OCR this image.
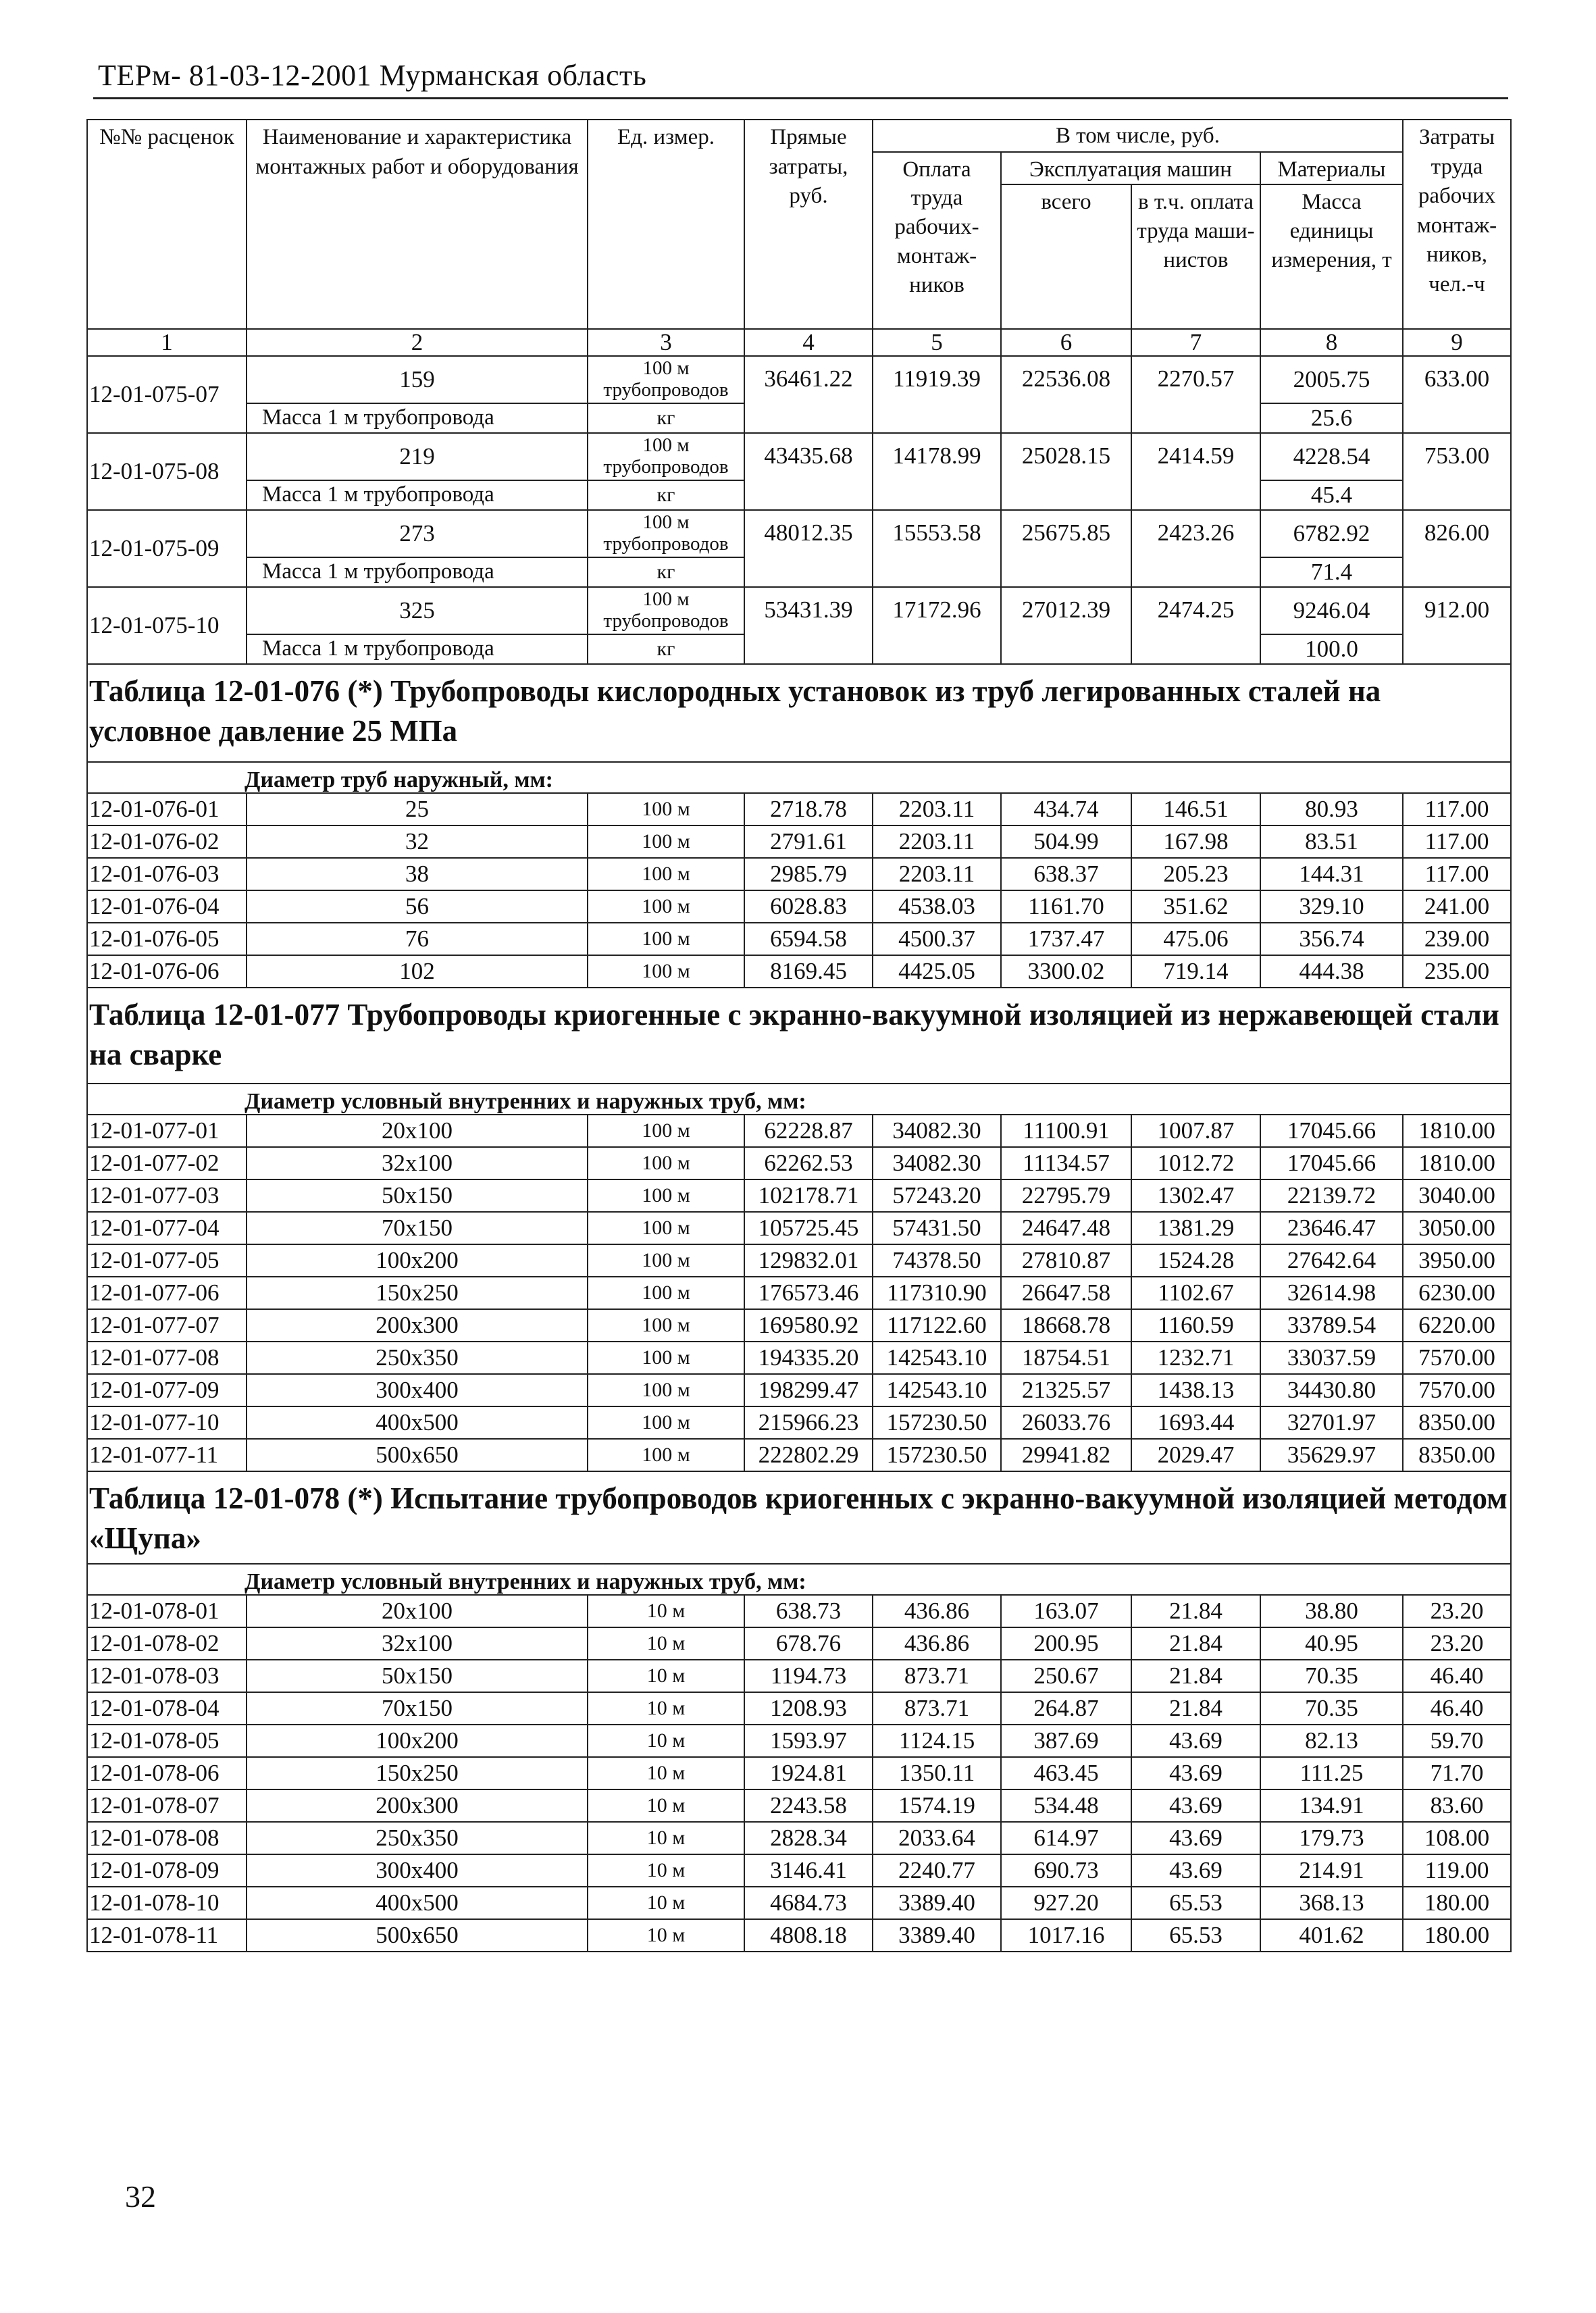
ТЕРм- 81-03-12-2001 Мурманская область
№№ расценок	Наименование и характеристика монтажных работ и оборудования	Ед. измер.	Прямые затраты, руб.	В том числе, руб.				Затраты труда рабочих монтаж-ников, чел.-ч
				Оплата труда рабочих-монтаж-ников	Эксплуатация машин		Материалы	
					всего	в т.ч. оплата труда маши-нистов	Масса единицы измерения, т	
1	2	3	4	5	6	7	8	9
12-01-075-07	159	100 м трубопроводов	36461.22	11919.39	22536.08	2270.57	2005.75	633.00
	Масса 1 м трубопровода	кг					25.6	
12-01-075-08	219	100 м трубопроводов	43435.68	14178.99	25028.15	2414.59	4228.54	753.00
	Масса 1 м трубопровода	кг					45.4	
12-01-075-09	273	100 м трубопроводов	48012.35	15553.58	25675.85	2423.26	6782.92	826.00
	Масса 1 м трубопровода	кг					71.4	
12-01-075-10	325	100 м трубопроводов	53431.39	17172.96	27012.39	2474.25	9246.04	912.00
	Масса 1 м трубопровода	кг					100.0	
Таблица 12-01-076 (*) Трубопроводы кислородных установок из труб легированных сталей на условное давление 25 МПа								
Диаметр труб наружный, мм:								
12-01-076-01	25	100 м	2718.78	2203.11	434.74	146.51	80.93	117.00
12-01-076-02	32	100 м	2791.61	2203.11	504.99	167.98	83.51	117.00
12-01-076-03	38	100 м	2985.79	2203.11	638.37	205.23	144.31	117.00
12-01-076-04	56	100 м	6028.83	4538.03	1161.70	351.62	329.10	241.00
12-01-076-05	76	100 м	6594.58	4500.37	1737.47	475.06	356.74	239.00
12-01-076-06	102	100 м	8169.45	4425.05	3300.02	719.14	444.38	235.00
Таблица 12-01-077 Трубопроводы криогенные с экранно-вакуумной изоляцией из нержавеющей стали на сварке								
Диаметр условный внутренних и наружных труб, мм:								
12-01-077-01	20x100	100 м	62228.87	34082.30	11100.91	1007.87	17045.66	1810.00
12-01-077-02	32x100	100 м	62262.53	34082.30	11134.57	1012.72	17045.66	1810.00
12-01-077-03	50x150	100 м	102178.71	57243.20	22795.79	1302.47	22139.72	3040.00
12-01-077-04	70x150	100 м	105725.45	57431.50	24647.48	1381.29	23646.47	3050.00
12-01-077-05	100x200	100 м	129832.01	74378.50	27810.87	1524.28	27642.64	3950.00
12-01-077-06	150x250	100 м	176573.46	117310.90	26647.58	1102.67	32614.98	6230.00
12-01-077-07	200x300	100 м	169580.92	117122.60	18668.78	1160.59	33789.54	6220.00
12-01-077-08	250x350	100 м	194335.20	142543.10	18754.51	1232.71	33037.59	7570.00
12-01-077-09	300x400	100 м	198299.47	142543.10	21325.57	1438.13	34430.80	7570.00
12-01-077-10	400x500	100 м	215966.23	157230.50	26033.76	1693.44	32701.97	8350.00
12-01-077-11	500x650	100 м	222802.29	157230.50	29941.82	2029.47	35629.97	8350.00
Таблица 12-01-078 (*) Испытание трубопроводов криогенных с экранно-вакуумной изоляцией методом «Щупа»								
Диаметр условный внутренних и наружных труб, мм:								
12-01-078-01	20x100	10 м	638.73	436.86	163.07	21.84	38.80	23.20
12-01-078-02	32x100	10 м	678.76	436.86	200.95	21.84	40.95	23.20
12-01-078-03	50x150	10 м	1194.73	873.71	250.67	21.84	70.35	46.40
12-01-078-04	70x150	10 м	1208.93	873.71	264.87	21.84	70.35	46.40
12-01-078-05	100x200	10 м	1593.97	1124.15	387.69	43.69	82.13	59.70
12-01-078-06	150x250	10 м	1924.81	1350.11	463.45	43.69	111.25	71.70
12-01-078-07	200x300	10 м	2243.58	1574.19	534.48	43.69	134.91	83.60
12-01-078-08	250x350	10 м	2828.34	2033.64	614.97	43.69	179.73	108.00
12-01-078-09	300x400	10 м	3146.41	2240.77	690.73	43.69	214.91	119.00
12-01-078-10	400x500	10 м	4684.73	3389.40	927.20	65.53	368.13	180.00
12-01-078-11	500x650	10 м	4808.18	3389.40	1017.16	65.53	401.62	180.00
32
